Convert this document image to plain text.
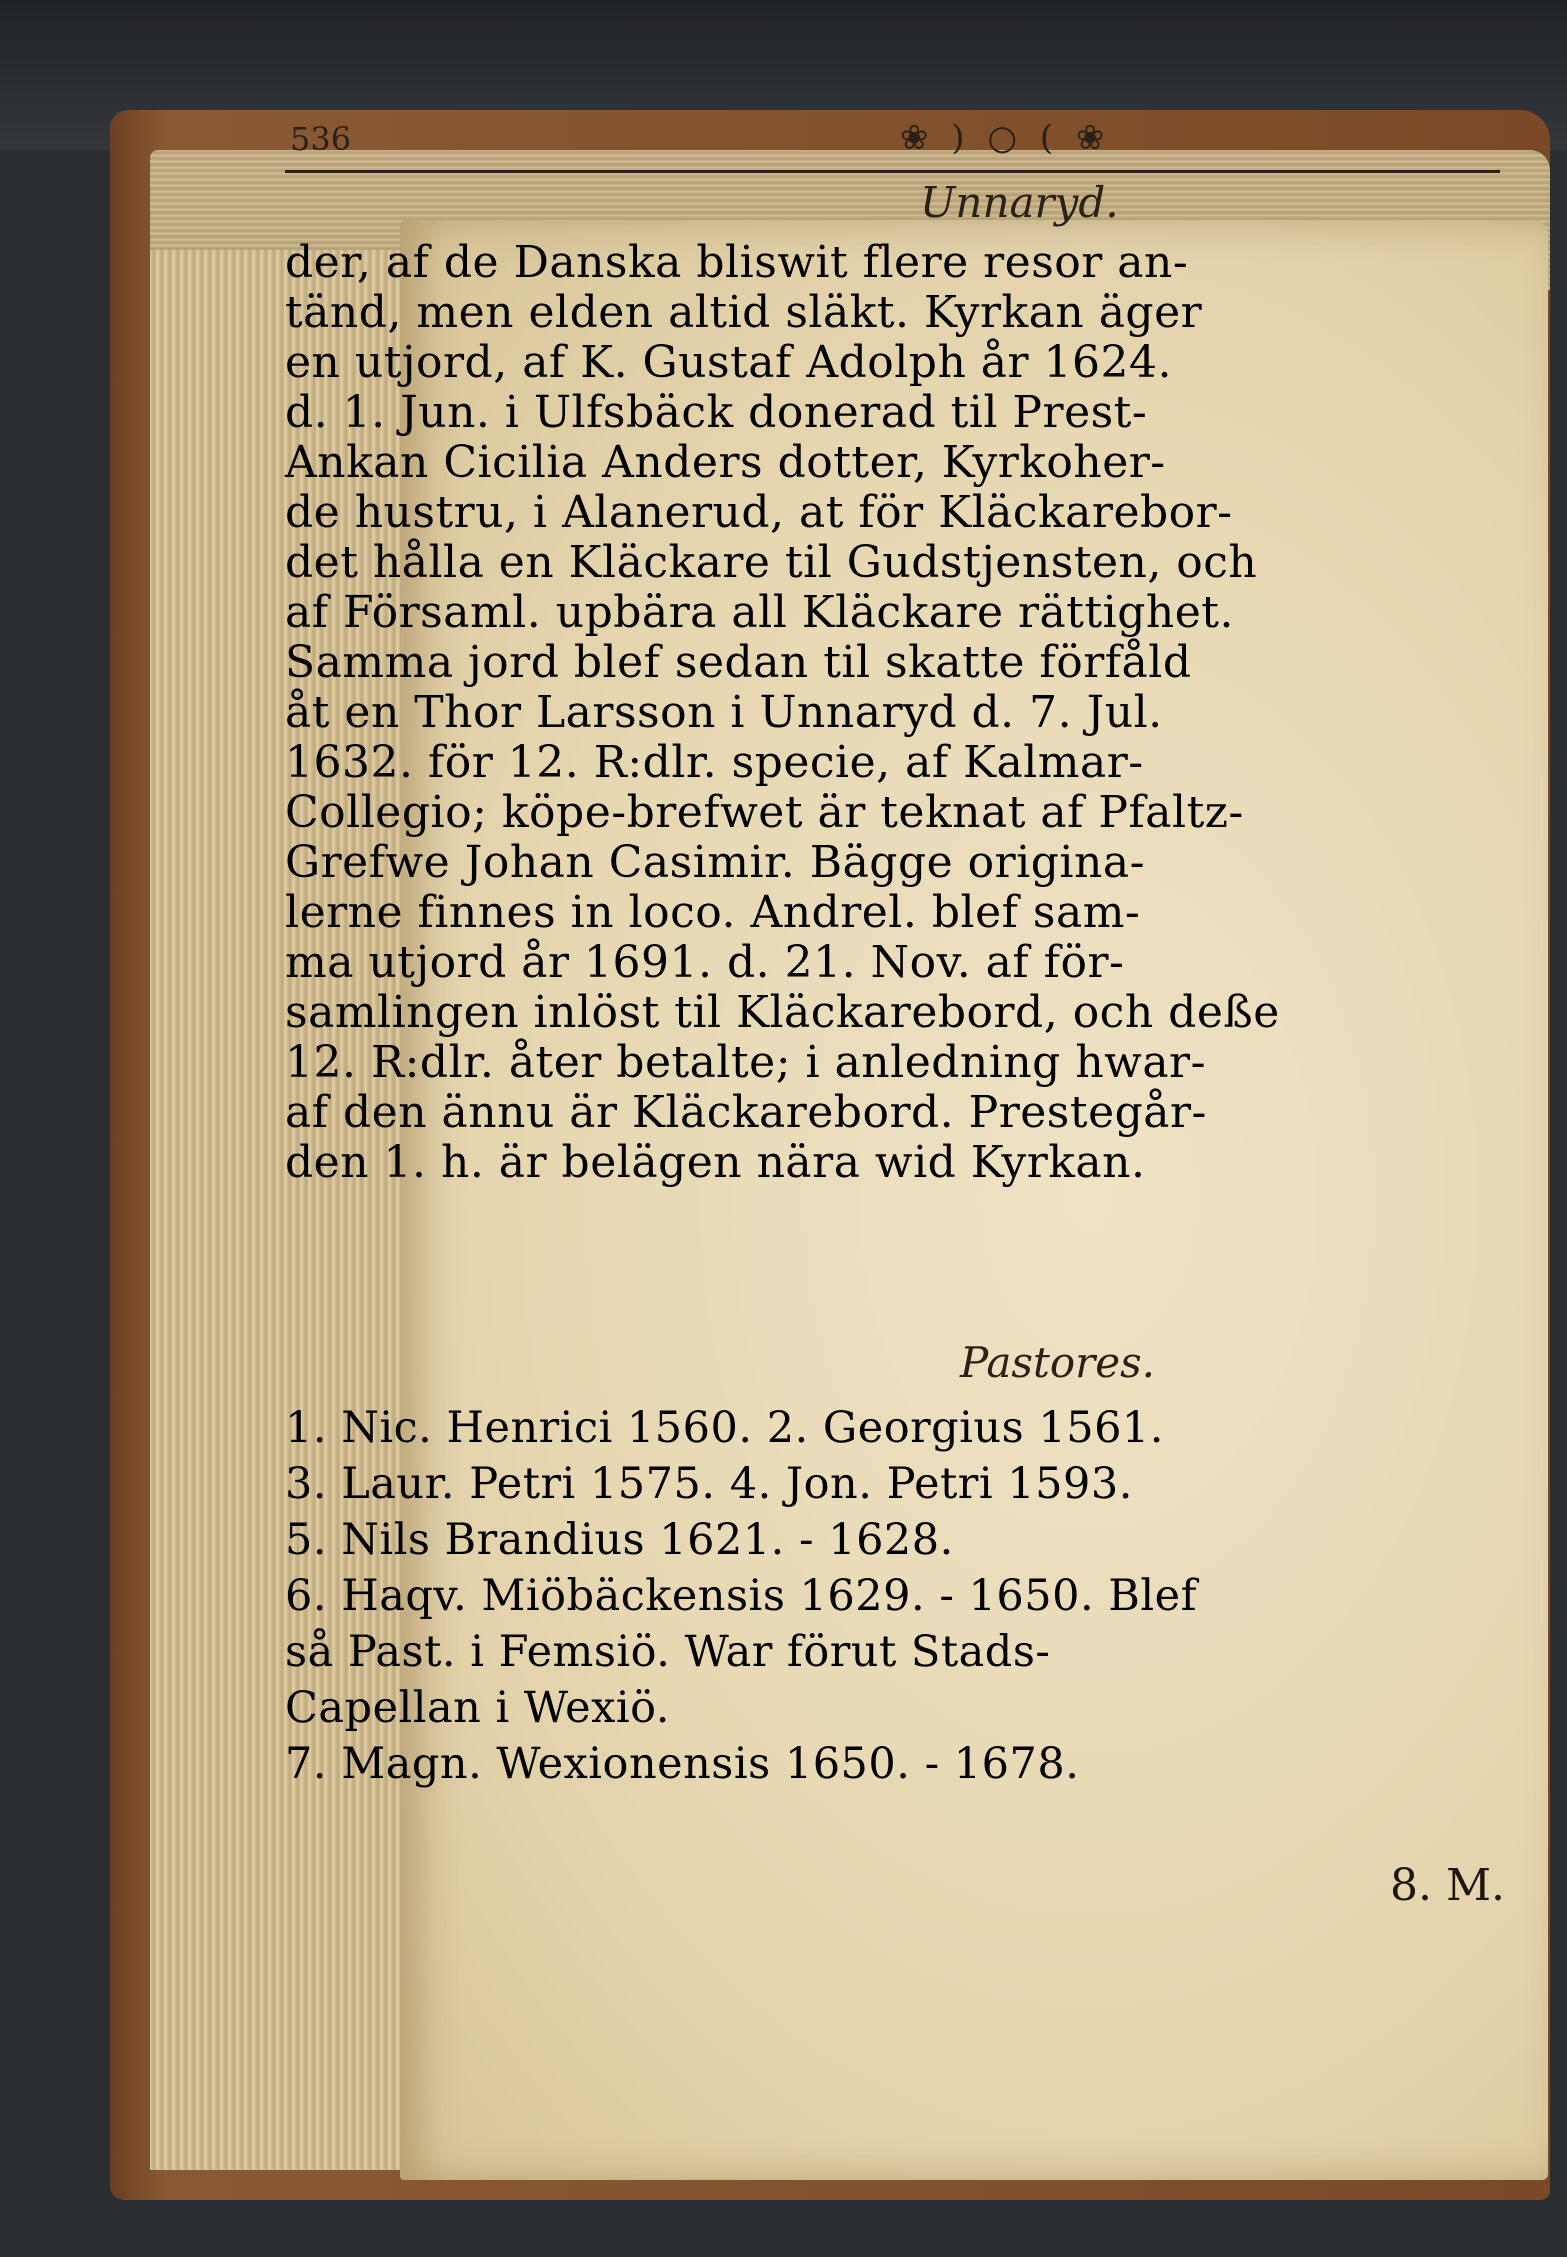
536	❀ ) ○ ( ❀
Unnaryd.
der, af de Danska bliswit flere resor an-
tänd, men elden altid släkt. Kyrkan äger
en utjord, af K. Gustaf Adolph år 1624.
d. 1. Jun. i Ulfsbäck donerad til Prest-
Ankan Cicilia Anders dotter, Kyrkoher-
de hustru, i Alanerud, at för Kläckarebor-
det hålla en Kläckare til Gudstjensten, och
af Församl. upbära all Kläckare rättighet.
Samma jord blef sedan til skatte förfåld
åt en Thor Larsson i Unnaryd d. 7. Jul.
1632. för 12. R:dlr. specie, af Kalmar-
Collegio; köpe-brefwet är teknat af Pfaltz-
Grefwe Johan Casimir. Bägge origina-
lerne finnes in loco. Andrel. blef sam-
ma utjord år 1691. d. 21. Nov. af för-
samlingen inlöst til Kläckarebord, och deße
12. R:dlr. åter betalte; i anledning hwar-
af den ännu är Kläckarebord. Prestegår-
den 1. h. är belägen nära wid Kyrkan.
Pastores.
1. Nic. Henrici 1560. 2. Georgius 1561.
3. Laur. Petri 1575. 4. Jon. Petri 1593.
5. Nils Brandius 1621. - 1628.
6. Haqv. Miöbäckensis 1629. - 1650. Blef
så Past. i Femsiö. War förut Stads-
Capellan i Wexiö.
7. Magn. Wexionensis 1650. - 1678.
8. M.
